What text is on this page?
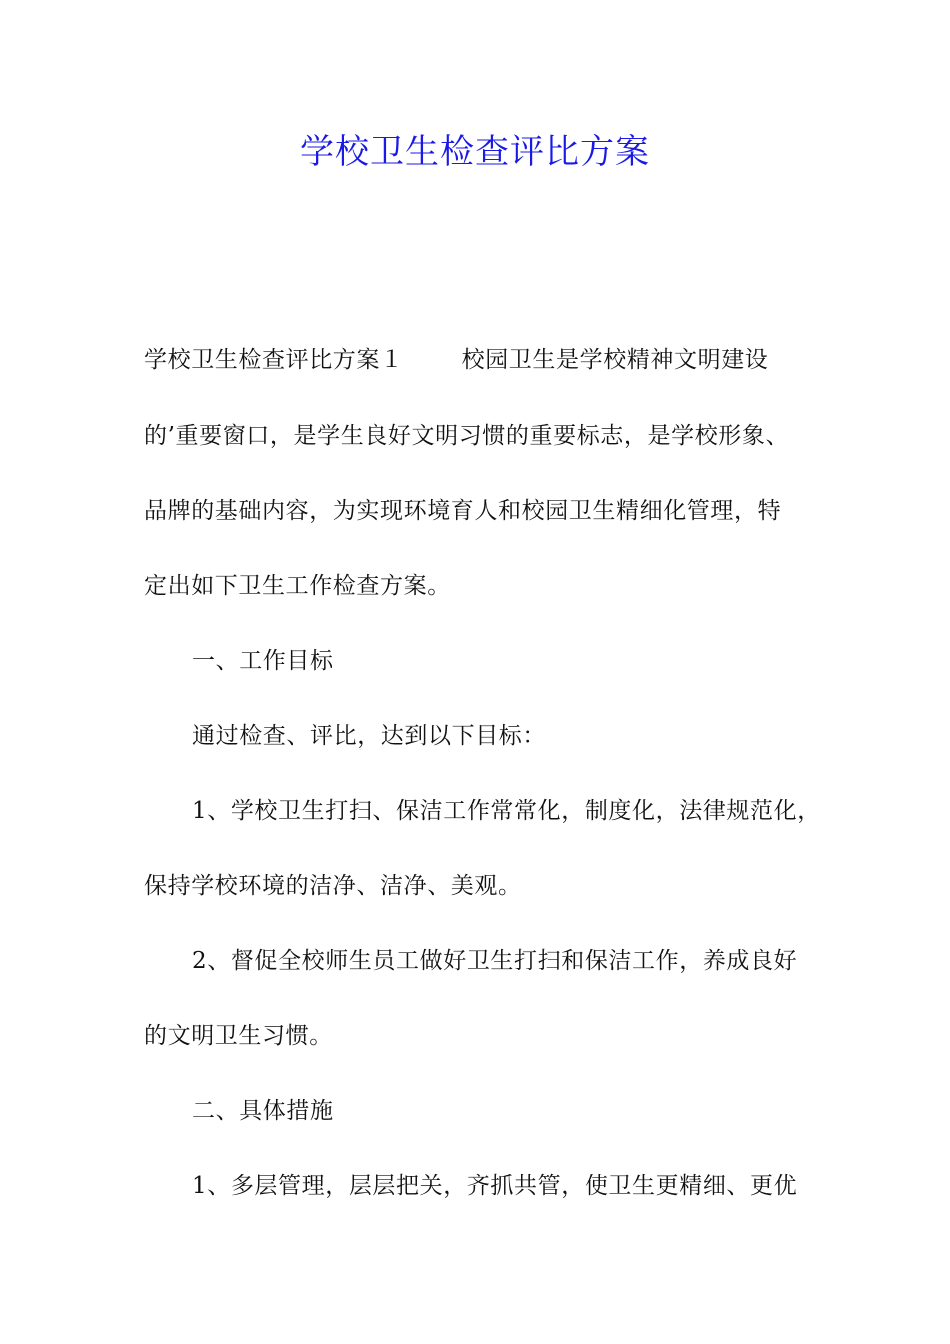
学校卫生检查评比方案
学校卫生检查评比方案１	校园卫生是学校精神文明建设
的’重要窗口，是学生良好文明习惯的重要标志，是学校形象、
品牌的基础内容，为实现环境育人和校园卫生精细化管理，特
定出如下卫生工作检查方案。
一、工作目标
通过检查、评比，达到以下目标：
1、学校卫生打扫、保洁工作常常化，制度化，法律规范化，
保持学校环境的洁净、洁净、美观。
2、督促全校师生员工做好卫生打扫和保洁工作，养成良好
的文明卫生习惯。
二、具体措施
1、多层管理，层层把关，齐抓共管，使卫生更精细、更优
